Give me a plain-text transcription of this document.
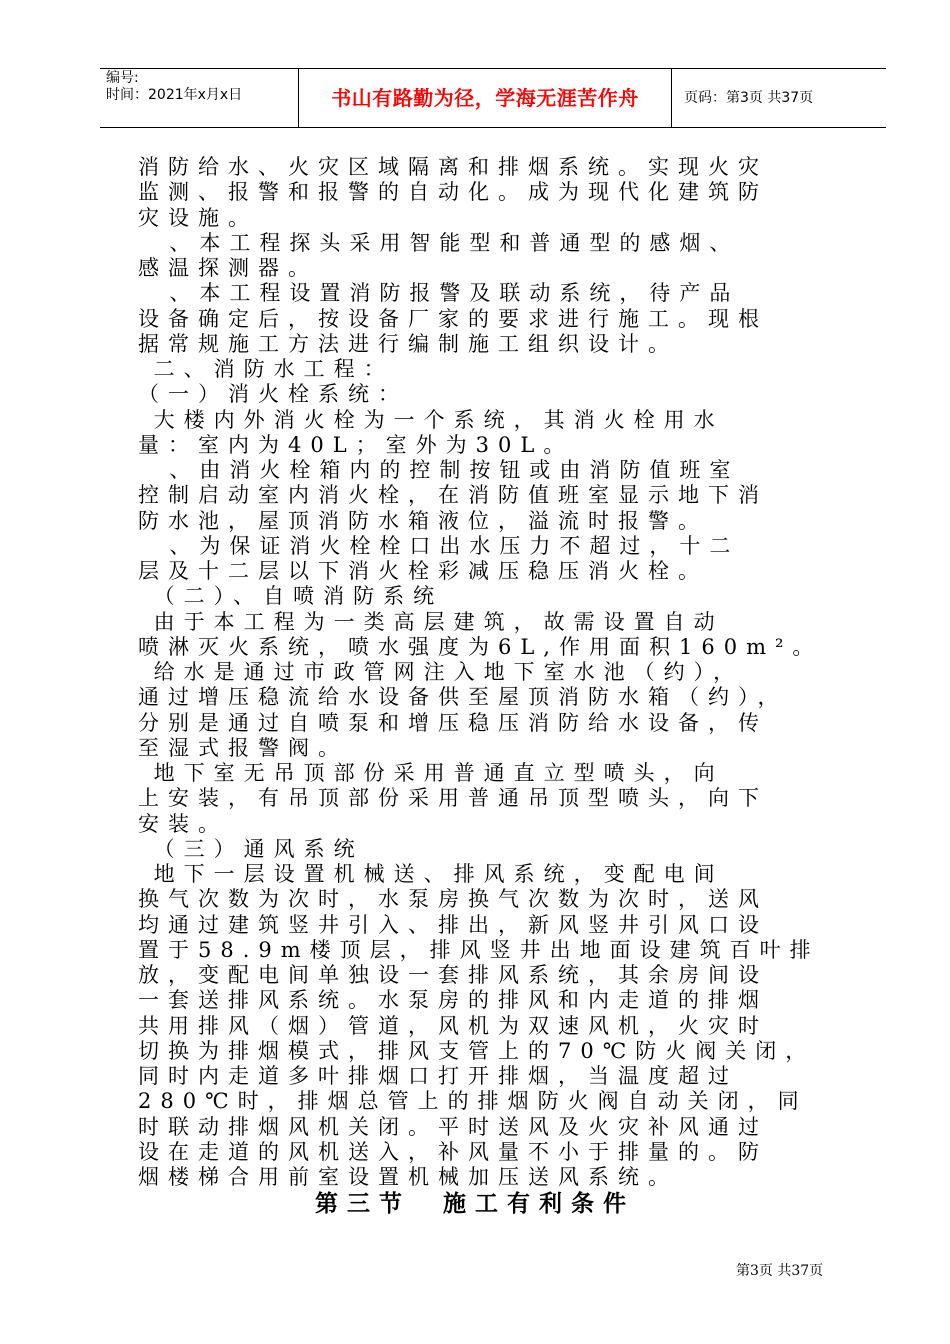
编号:
时间：2021年x月x日	书山有路勤为径，学海无涯苦作舟	页码：第3页 共37页
消防给水、火灾区域隔离和排烟系统。实现火灾
监测、报警和报警的自动化。成为现代化建筑防
灾设施。
、本工程探头采用智能型和普通型的感烟、
感温探测器。
、本工程设置消防报警及联动系统，待产品
设备确定后，按设备厂家的要求进行施工。现根
据常规施工方法进行编制施工组织设计。
二、消防水工程：
（一）消火栓系统：
大楼内外消火栓为一个系统，其消火栓用水
量：室内为40L；室外为30L。
、由消火栓箱内的控制按钮或由消防值班室
控制启动室内消火栓，在消防值班室显示地下消
防水池，屋顶消防水箱液位，溢流时报警。
、为保证消火栓栓口出水压力不超过，十二
层及十二层以下消火栓彩减压稳压消火栓。
（二）、自喷消防系统
由于本工程为一类高层建筑，故需设置自动
喷淋灭火系统，喷水强度为6L,作用面积160m²。
给水是通过市政管网注入地下室水池（约），
通过增压稳流给水设备供至屋顶消防水箱（约），
分别是通过自喷泵和增压稳压消防给水设备，传
至湿式报警阀。
地下室无吊顶部份采用普通直立型喷头，向
上安装，有吊顶部份采用普通吊顶型喷头，向下
安装。
（三）通风系统
地下一层设置机械送、排风系统，变配电间
换气次数为次时，水泵房换气次数为次时，送风
均通过建筑竖井引入、排出，新风竖井引风口设
置于58.9m楼顶层，排风竖井出地面设建筑百叶排
放，变配电间单独设一套排风系统，其余房间设
一套送排风系统。水泵房的排风和内走道的排烟
共用排风（烟）管道，风机为双速风机，火灾时
切换为排烟模式，排风支管上的70℃防火阀关闭，
同时内走道多叶排烟口打开排烟，当温度超过
280℃时，排烟总管上的排烟防火阀自动关闭，同
时联动排烟风机关闭。平时送风及火灾补风通过
设在走道的风机送入，补风量不小于排量的。防
烟楼梯合用前室设置机械加压送风系统。
第三节　施工有利条件
第3页 共37页
